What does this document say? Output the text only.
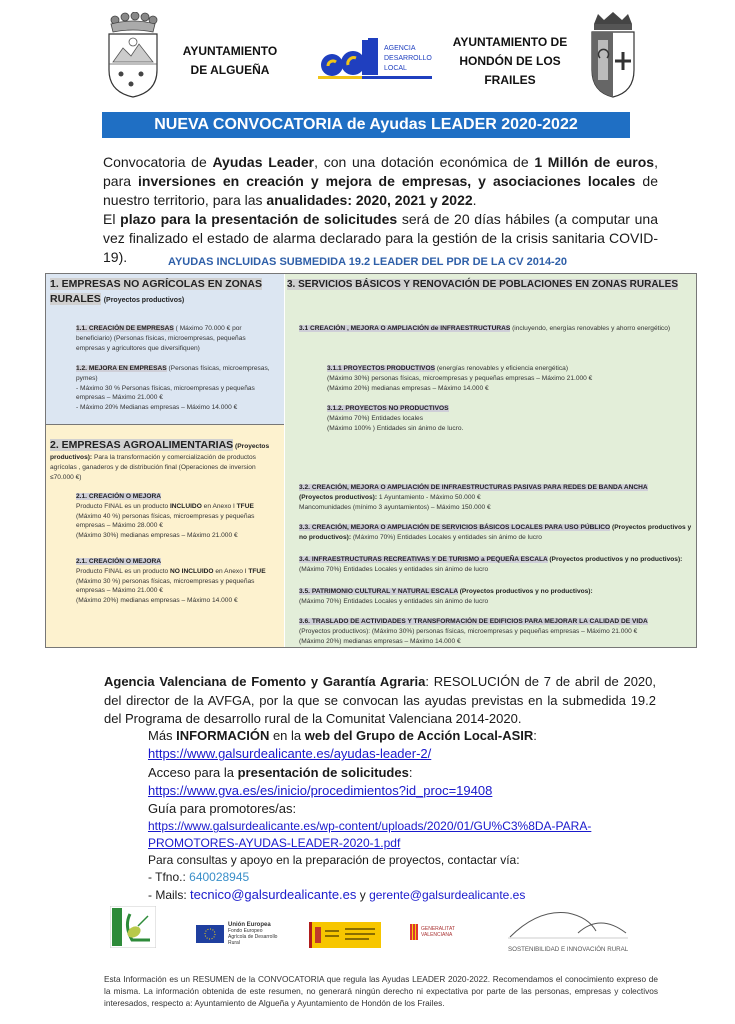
AYUNTAMIENTO
DE ALGUEÑA
AGENCIA
DESARROLLO
LOCAL
AYUNTAMIENTO DE
HONDÓN DE LOS
FRAILES
NUEVA CONVOCATORIA de Ayudas LEADER 2020-2022

Convocatoria de Ayudas Leader, con una dotación económica de 1 Millón de euros, para inversiones en creación y mejora de empresas, y asociaciones locales de nuestro territorio, para las anualidades: 2020, 2021 y 2022.

El plazo para la presentación de solicitudes será de 20 días hábiles (a computar una vez finalizado el estado de alarma declarado para la gestión de la crisis sanitaria COVID-19).	AYUDAS INCLUIDAS SUBMEDIDA 19.2 LEADER DEL PDR DE LA CV 2014-20
1. EMPRESAS NO AGRÍCOLAS EN ZONAS RURALES (Proyectos productivos)
1.1. CREACIÓN DE EMPRESAS ( Máximo 70.000 € por beneficiario) (Personas físicas, microempresas, pequeñas empresas y agricultores que diversifiquen)
1.2. MEJORA EN EMPRESAS (Personas físicas, microempresas, pymes)
- Máximo 30 % Personas físicas, microempresas y pequeñas empresas – Máximo 21.000 €
- Máximo 20% Medianas empresas – Máximo 14.000 €
2. EMPRESAS AGROALIMENTARIAS (Proyectos productivos): Para la transformación y comercialización de productos agrícolas , ganaderos y de distribución final (Operaciones de inversion ≤70.000 €)
2.1. CREACIÓN O MEJORA
Producto FINAL es un producto INCLUIDO en Anexo I TFUE
(Máximo 40 %) personas físicas, microempresas y pequeñas empresas – Máximo 28.000 €
(Máximo 30%) medianas empresas – Máximo 21.000 €
2.1. CREACIÓN O MEJORA
Producto FINAL es un producto NO INCLUIDO en Anexo I TFUE
(Máximo 30 %) personas físicas, microempresas y pequeñas empresas – Máximo 21.000 €
(Máximo 20%) medianas empresas – Máximo 14.000 €
3. SERVICIOS BÁSICOS Y RENOVACIÓN DE POBLACIONES EN ZONAS RURALES
3.1 CREACIÓN , MEJORA O AMPLIACIÓN de INFRAESTRUCTURAS (incluyendo, energías renovables y ahorro energético)
3.1.1 PROYECTOS PRODUCTIVOS (energías renovables y eficiencia energética)
(Máximo 30%) personas físicas, microempresas y pequeñas empresas – Máximo 21.000 €
(Máximo 20%) medianas empresas – Máximo 14.000 €
3.1.2. PROYECTOS NO PRODUCTIVOS
(Máximo 70%) Entidades locales
(Máximo 100% ) Entidades sin ánimo de lucro.
3.2. CREACIÓN, MEJORA O AMPLIACIÓN DE INFRAESTRUCTURAS PASIVAS PARA REDES DE BANDA ANCHA
(Proyectos productivos): 1 Ayuntamiento - Máximo 50.000 €
Mancomunidades (mínimo 3 ayuntamientos) – Máximo 150.000 €
3.3. CREACIÓN, MEJORA O AMPLIACIÓN DE SERVICIOS BÁSICOS LOCALES PARA USO PÚBLICO (Proyectos productivos y no productivos): (Máximo 70%) Entidades Locales y entidades sin ánimo de lucro
3.4. INFRAESTRUCTURAS RECREATIVAS Y DE TURISMO a PEQUEÑA ESCALA (Proyectos productivos y no productivos): (Máximo 70%) Entidades Locales y entidades sin ánimo de lucro
3.5. PATRIMONIO CULTURAL Y NATURAL ESCALA (Proyectos productivos y no productivos):
(Máximo 70%) Entidades Locales y entidades sin ánimo de lucro
3.6. TRASLADO DE ACTIVIDADES Y TRANSFORMACIÓN DE EDIFICIOS PARA MEJORAR LA CALIDAD DE VIDA
(Proyectos productivos): (Máximo 30%) personas físicas, microempresas y pequeñas empresas – Máximo 21.000 €
(Máximo 20%) medianas empresas – Máximo 14.000 €
Agencia Valenciana de Fomento y Garantía Agraria: RESOLUCIÓN de 7 de abril de 2020, del director de la AVFGA, por la que se convocan las ayudas previstas en la submedida 19.2 del Programa de desarrollo rural de la Comunitat Valenciana 2014-2020.
Más INFORMACIÓN en la web del Grupo de Acción Local-ASIR:
https://www.galsurdealicante.es/ayudas-leader-2/
Acceso para la presentación de solicitudes:
https://www.gva.es/es/inicio/procedimientos?id_proc=19408
Guía para promotores/as:
https://www.galsurdealicante.es/wp-content/uploads/2020/01/GU%C3%8DA-PARA-
PROMOTORES-AYUDAS-LEADER-2020-1.pdf
Para consultas y apoyo en la preparación de proyectos, contactar vía:
- Tfno.: 640028945
- Mails: tecnico@galsurdealicante.es y gerente@galsurdealicante.es
Unión Europea
Fondo Europeo Agrícola de Desarrollo Rural
GENERALITAT VALENCIANA
SOSTENIBILIDAD E INNOVACIÓN RURAL
Esta Información es un RESUMEN de la CONVOCATORIA que regula las Ayudas LEADER 2020-2022. Recomendamos el conocimiento expreso de la misma. La información obtenida de este resumen, no generará ningún derecho ni expectativa por parte de las personas, empresas y colectivos interesados, respecto a: Ayuntamiento de Algueña y Ayuntamiento de Hondón de los Frailes.
